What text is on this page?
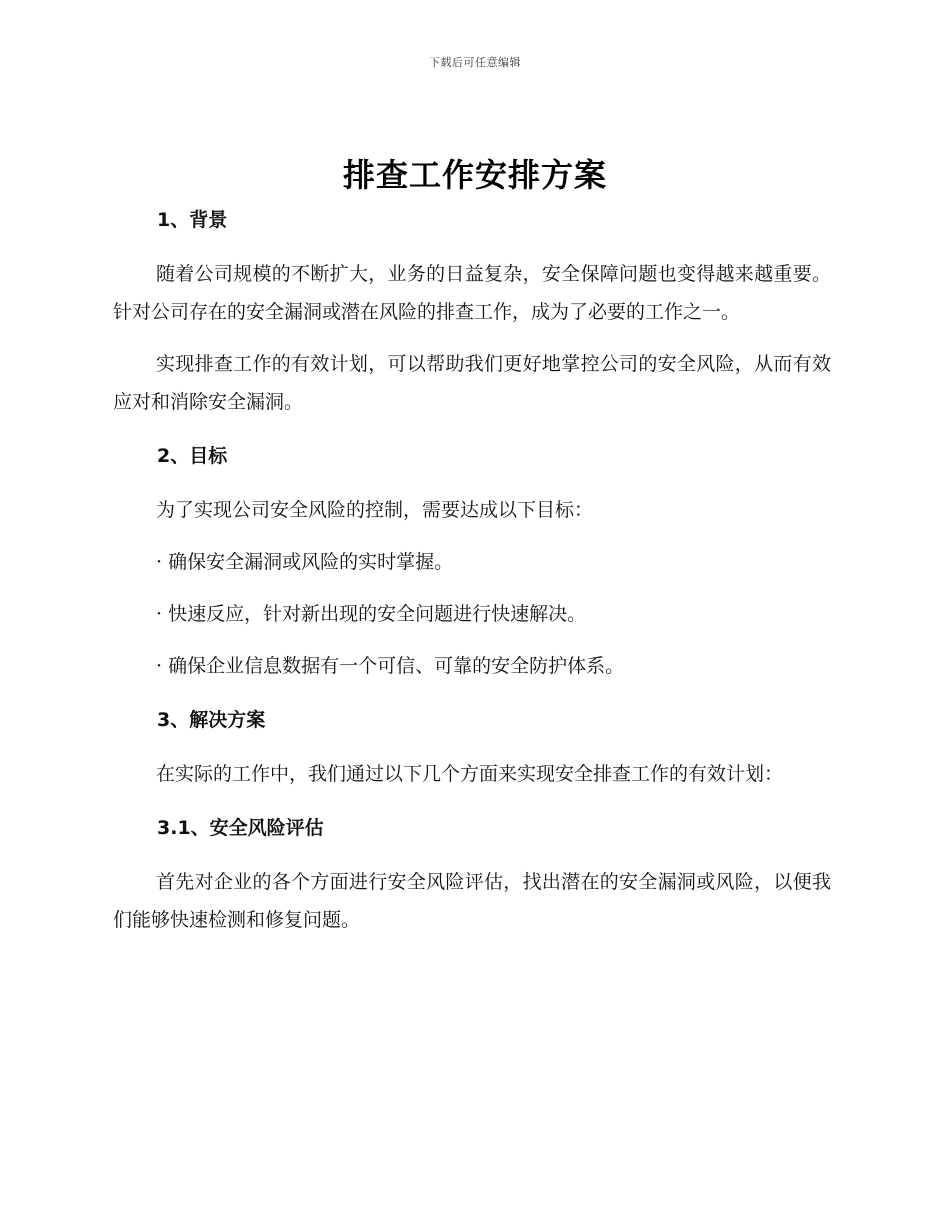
下载后可任意编辑
排查工作安排方案
1、背景

随着公司规模的不断扩大，业务的日益复杂，安全保障问题也变得越来越重要。针对公司存在的安全漏洞或潜在风险的排查工作，成为了必要的工作之一。

实现排查工作的有效计划，可以帮助我们更好地掌控公司的安全风险，从而有效应对和消除安全漏洞。

2、目标

为了实现公司安全风险的控制，需要达成以下目标：

· 确保安全漏洞或风险的实时掌握。

· 快速反应，针对新出现的安全问题进行快速解决。

· 确保企业信息数据有一个可信、可靠的安全防护体系。

3、解决方案

在实际的工作中，我们通过以下几个方面来实现安全排查工作的有效计划：

3.1、安全风险评估

首先对企业的各个方面进行安全风险评估，找出潜在的安全漏洞或风险，以便我们能够快速检测和修复问题。
